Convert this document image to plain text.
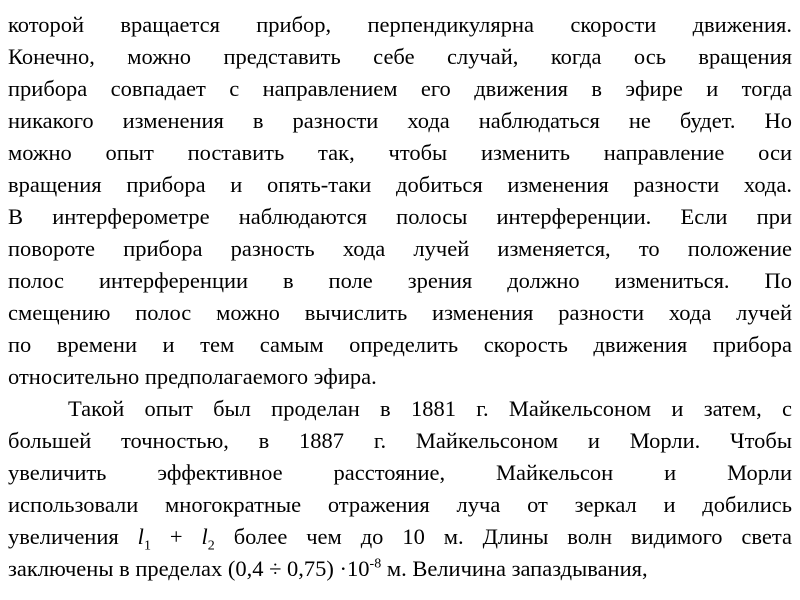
которой вращается прибор, перпендикулярна скорости движения.
Конечно, можно представить себе случай, когда ось вращения
прибора совпадает с направлением его движения в эфире и тогда
никакого изменения в разности хода наблюдаться не будет. Но
можно опыт поставить так, чтобы изменить направление оси
вращения прибора и опять-таки добиться изменения разности хода.
В интерферометре наблюдаются полосы интерференции. Если при
повороте прибора разность хода лучей изменяется, то положение
полос интерференции в поле зрения должно измениться. По
смещению полос можно вычислить изменения разности хода лучей
по времени и тем самым определить скорость движения прибора
относительно предполагаемого эфира.
Такой опыт был проделан в 1881 г. Майкельсоном и затем, с
большей точностью, в 1887 г. Майкельсоном и Морли. Чтобы
увеличить эффективное расстояние, Майкельсон и Морли
использовали многократные отражения луча от зеркал и добились
увеличения $l_1 + l_2$ более чем до 10 м. Длины волн видимого света
заключены в пределах $(0,4 \div 0,75) \cdot 10^{-8}$ м. Величина запаздывания,
